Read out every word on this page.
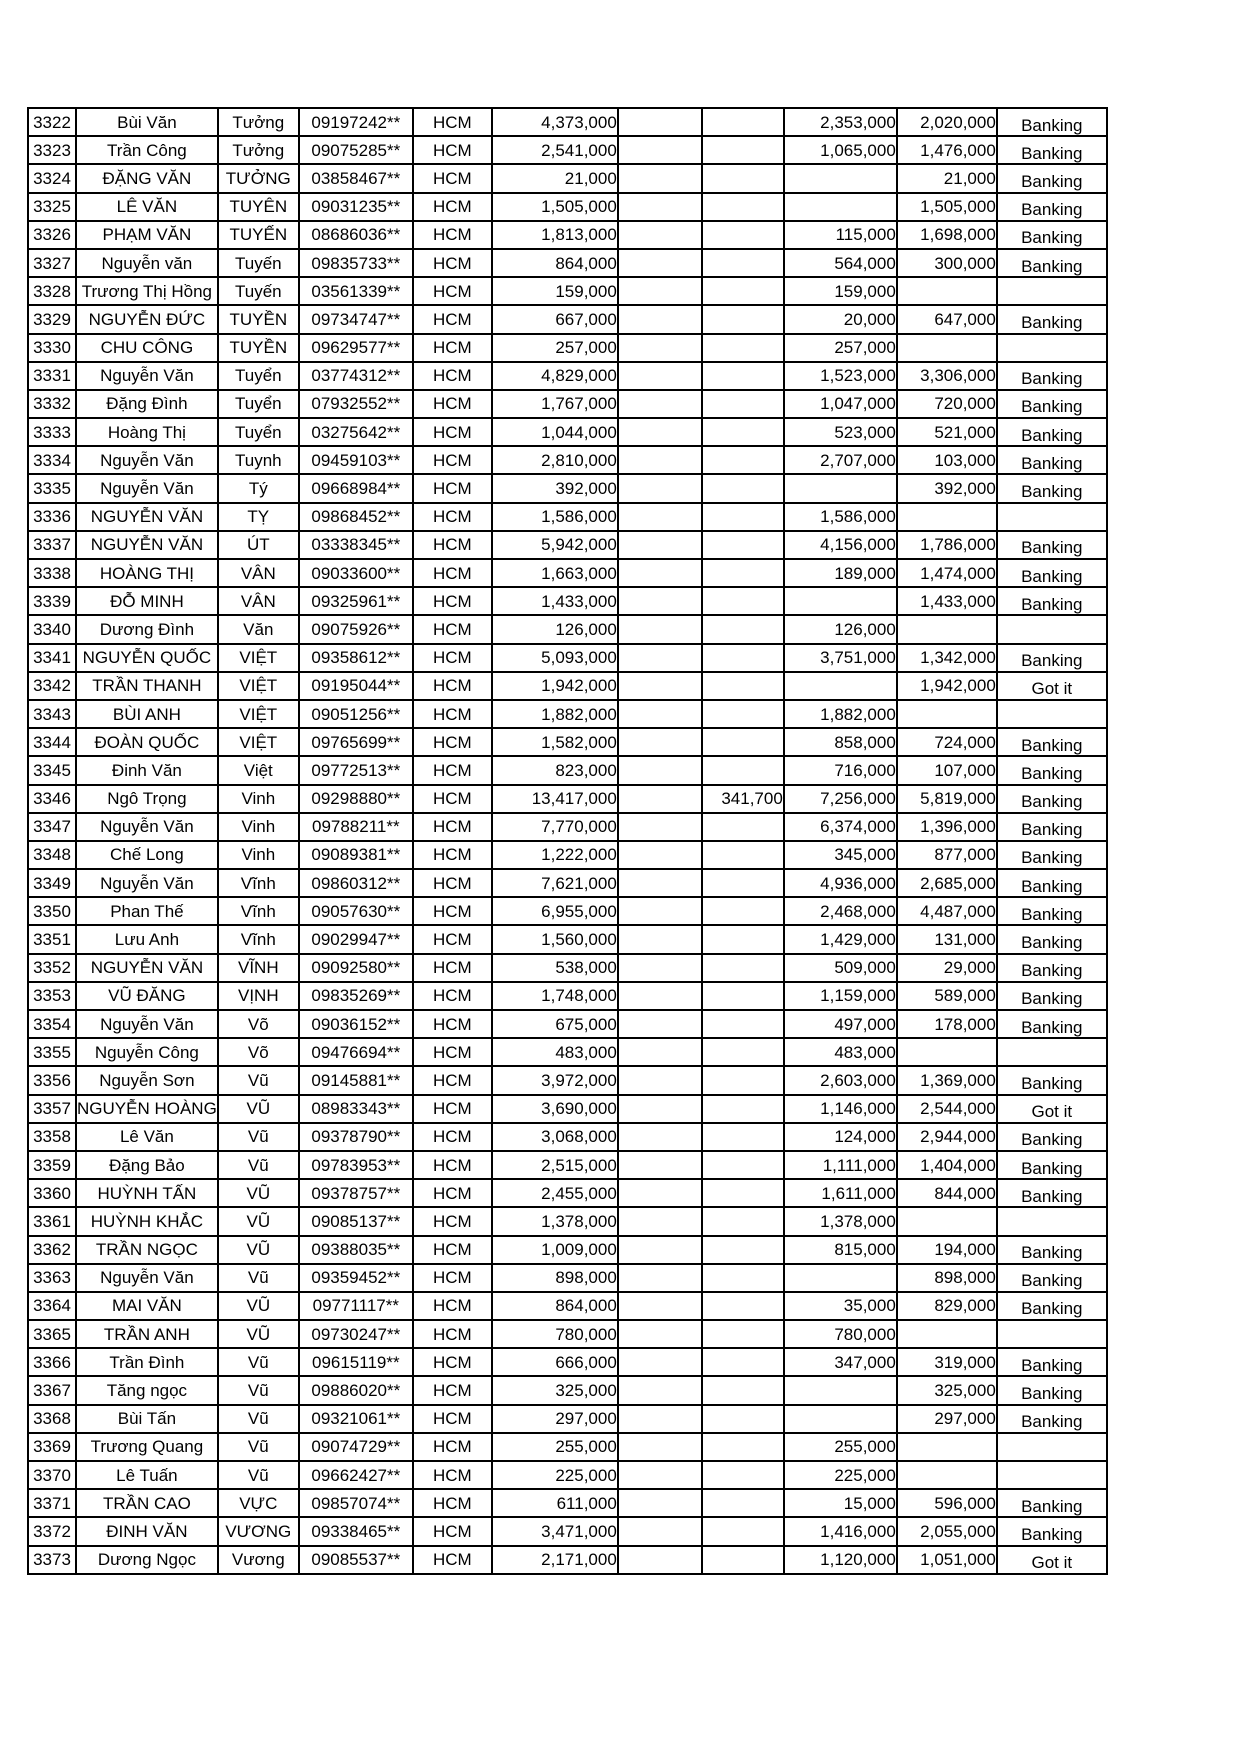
3322	Bùi Văn	Tưởng	09197242**	HCM	4,373,000			2,353,000	2,020,000	Banking
3323	Trần Công	Tưởng	09075285**	HCM	2,541,000			1,065,000	1,476,000	Banking
3324	ĐẶNG VĂN	TƯỞNG	03858467**	HCM	21,000				21,000	Banking
3325	LÊ VĂN	TUYÊN	09031235**	HCM	1,505,000				1,505,000	Banking
3326	PHẠM VĂN	TUYẾN	08686036**	HCM	1,813,000			115,000	1,698,000	Banking
3327	Nguyễn văn	Tuyến	09835733**	HCM	864,000			564,000	300,000	Banking
3328	Trương Thị Hồng	Tuyến	03561339**	HCM	159,000			159,000		
3329	NGUYỄN ĐỨC	TUYỀN	09734747**	HCM	667,000			20,000	647,000	Banking
3330	CHU CÔNG	TUYỀN	09629577**	HCM	257,000			257,000		
3331	Nguyễn Văn	Tuyển	03774312**	HCM	4,829,000			1,523,000	3,306,000	Banking
3332	Đặng Đình	Tuyển	07932552**	HCM	1,767,000			1,047,000	720,000	Banking
3333	Hoàng Thị	Tuyển	03275642**	HCM	1,044,000			523,000	521,000	Banking
3334	Nguyễn Văn	Tuynh	09459103**	HCM	2,810,000			2,707,000	103,000	Banking
3335	Nguyễn Văn	Tý	09668984**	HCM	392,000				392,000	Banking
3336	NGUYỄN VĂN	TỴ	09868452**	HCM	1,586,000			1,586,000		
3337	NGUYỄN VĂN	ÚT	03338345**	HCM	5,942,000			4,156,000	1,786,000	Banking
3338	HOÀNG THỊ	VÂN	09033600**	HCM	1,663,000			189,000	1,474,000	Banking
3339	ĐỖ MINH	VÂN	09325961**	HCM	1,433,000				1,433,000	Banking
3340	Dương Đình	Văn	09075926**	HCM	126,000			126,000		
3341	NGUYỄN QUỐC	VIỆT	09358612**	HCM	5,093,000			3,751,000	1,342,000	Banking
3342	TRẦN THANH	VIỆT	09195044**	HCM	1,942,000				1,942,000	Got it
3343	BÙI ANH	VIỆT	09051256**	HCM	1,882,000			1,882,000		
3344	ĐOÀN QUỐC	VIỆT	09765699**	HCM	1,582,000			858,000	724,000	Banking
3345	Đinh Văn	Việt	09772513**	HCM	823,000			716,000	107,000	Banking
3346	Ngô Trọng	Vinh	09298880**	HCM	13,417,000		341,700	7,256,000	5,819,000	Banking
3347	Nguyễn Văn	Vinh	09788211**	HCM	7,770,000			6,374,000	1,396,000	Banking
3348	Chế Long	Vinh	09089381**	HCM	1,222,000			345,000	877,000	Banking
3349	Nguyễn Văn	Vĩnh	09860312**	HCM	7,621,000			4,936,000	2,685,000	Banking
3350	Phan Thế	Vĩnh	09057630**	HCM	6,955,000			2,468,000	4,487,000	Banking
3351	Lưu Anh	Vĩnh	09029947**	HCM	1,560,000			1,429,000	131,000	Banking
3352	NGUYỄN VĂN	VĨNH	09092580**	HCM	538,000			509,000	29,000	Banking
3353	VŨ ĐĂNG	VỊNH	09835269**	HCM	1,748,000			1,159,000	589,000	Banking
3354	Nguyễn Văn	Võ	09036152**	HCM	675,000			497,000	178,000	Banking
3355	Nguyễn Công	Võ	09476694**	HCM	483,000			483,000		
3356	Nguyễn Sơn	Vũ	09145881**	HCM	3,972,000			2,603,000	1,369,000	Banking
3357	NGUYỄN HOÀNG	VŨ	08983343**	HCM	3,690,000			1,146,000	2,544,000	Got it
3358	Lê Văn	Vũ	09378790**	HCM	3,068,000			124,000	2,944,000	Banking
3359	Đặng Bảo	Vũ	09783953**	HCM	2,515,000			1,111,000	1,404,000	Banking
3360	HUỲNH TẤN	VŨ	09378757**	HCM	2,455,000			1,611,000	844,000	Banking
3361	HUỲNH KHẮC	VŨ	09085137**	HCM	1,378,000			1,378,000		
3362	TRẦN NGỌC	VŨ	09388035**	HCM	1,009,000			815,000	194,000	Banking
3363	Nguyễn Văn	Vũ	09359452**	HCM	898,000				898,000	Banking
3364	MAI VĂN	VŨ	09771117**	HCM	864,000			35,000	829,000	Banking
3365	TRẦN ANH	VŨ	09730247**	HCM	780,000			780,000		
3366	Trần Đình	Vũ	09615119**	HCM	666,000			347,000	319,000	Banking
3367	Tăng ngọc	Vũ	09886020**	HCM	325,000				325,000	Banking
3368	Bùi Tấn	Vũ	09321061**	HCM	297,000				297,000	Banking
3369	Trương Quang	Vũ	09074729**	HCM	255,000			255,000		
3370	Lê Tuấn	Vũ	09662427**	HCM	225,000			225,000		
3371	TRẦN CAO	VỰC	09857074**	HCM	611,000			15,000	596,000	Banking
3372	ĐINH VĂN	VƯƠNG	09338465**	HCM	3,471,000			1,416,000	2,055,000	Banking
3373	Dương Ngọc	Vương	09085537**	HCM	2,171,000			1,120,000	1,051,000	Got it
